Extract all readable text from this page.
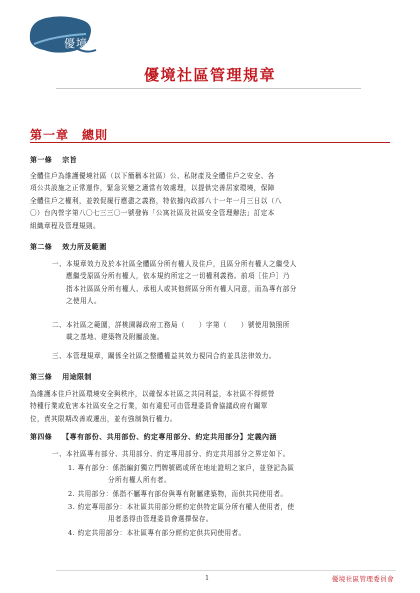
優境
優境社區管理規章
第一章　總則
第一條 宗旨
全體住戶為維護優境社區（以下簡稱本社區）公、私財產及全體住戶之安全、各
項公共設施之正常運作，緊急災變之適當有效處理，以提供完善居家環境，保障
全體住戶之權利，並敦促履行應盡之義務，特依據內政部八十一年一月三日以（八
〇）台內營字第八〇七三三〇一號發佈「公寓社區及社區安全管理辦法」訂定本
組織章程及管理規則。
第二條 效力所及範圍
一、本規章效力及於本社區全體區分所有權人及住戶，且區分所有權人之繼受人
應繼受原區分所有權人，依本規約所定之一切權利義務。前項［住戶］乃
指本社區區分所有權人、承租人或其他經區分所有權人同意，而為專有部分
之使用人。
二、本社區之範圍，詳桃園縣政府工務局（　　）字第（　　）號使用執照所
載之基地、建築物及附屬設施。
三、本管理規章，關係全社區之整體權益其效力視同合約並具法律效力。
第三條 用途限制
為維護本住戶社區環境安全與秩序，以確保本社區之共同利益，本社區不得經營
特種行業或危害本社區安全之行業，如有違犯可由管理委員會協議政府有關單
位，責其限期改善或遷出，並有強制執行權力。
第四條 【專有部份、共用部份、約定專用部分、約定共用部分】定義內涵
一、本社區專有部分、共用部分、約定專用部分、約定共用部分之界定如下。
1. 專有部分：係指編釘獨立門牌號碼或所在地址證明之家戶，並登記為區

分所有權人所有者。
2. 共用部分：係指不屬專有部份與專有附屬建築物，而供共同使用者。
3. 約定專用部分：本社區共用部分經約定供特定區分所有權人使用者，使

用者悉得由管理委員會選擇保存。
4. 約定共用部分：本社區專有部分經約定供共同使用者。
1	優境社區管理委員會
